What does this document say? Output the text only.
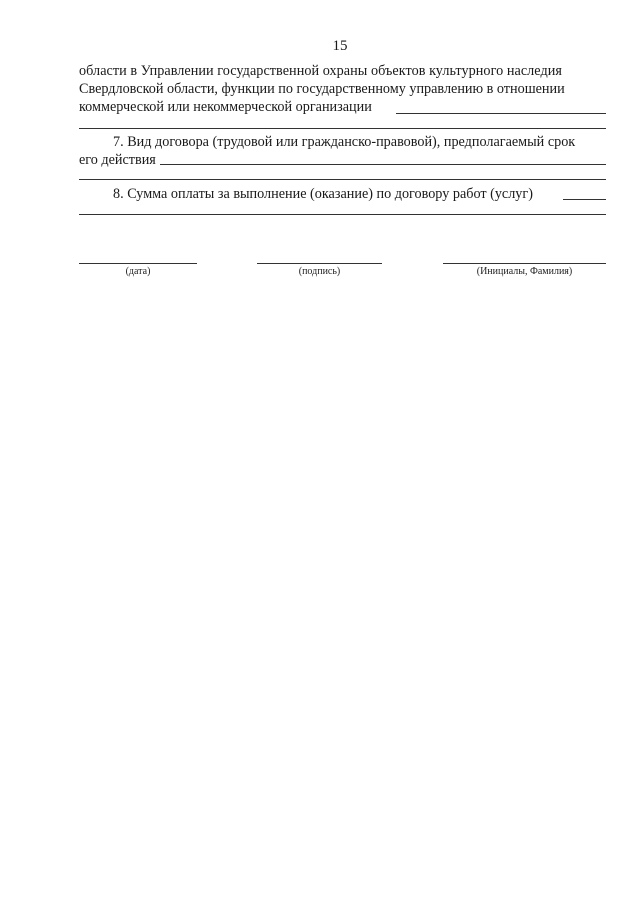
15
области в Управлении государственной охраны объектов культурного наследия
Свердловской области, функции по государственному управлению в отношении
коммерческой или некоммерческой организации
7. Вид договора (трудовой или гражданско-правовой), предполагаемый срок
его действия
8. Сумма оплаты за выполнение (оказание) по договору работ (услуг)
(дата)	(подпись)	(Инициалы, Фамилия)
